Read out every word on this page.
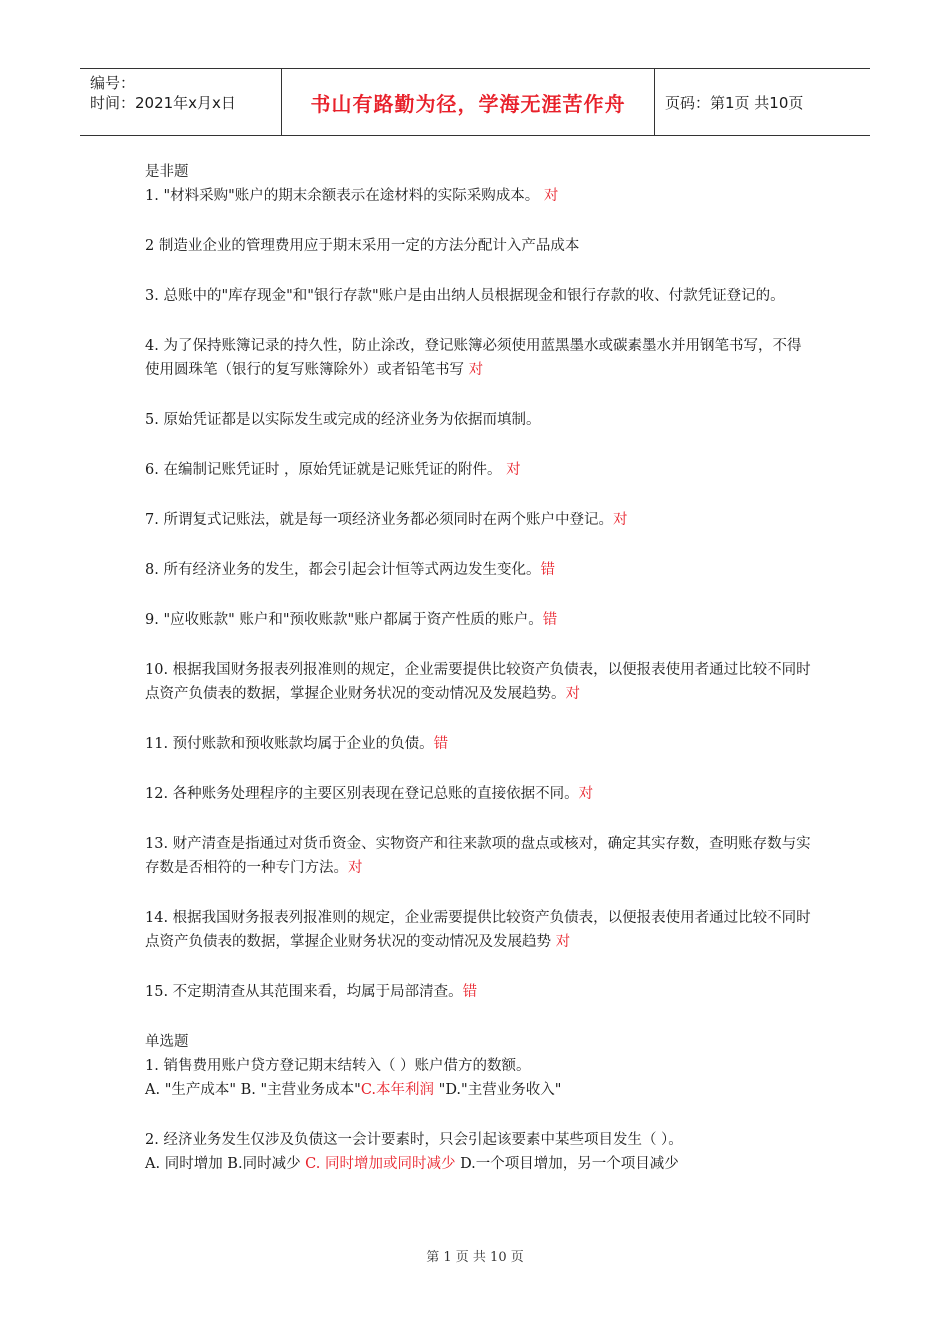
编号：
时间：2021年x月x日	书山有路勤为径，学海无涯苦作舟	页码：第1页 共10页

是非题

1. "材料采购"账户的期末余额表示在途材料的实际采购成本。 对

2 制造业企业的管理费用应于期末采用一定的方法分配计入产品成本

3. 总账中的"库存现金"和"银行存款"账户是由出纳人员根据现金和银行存款的收、付款凭证登记的。

4. 为了保持账簿记录的持久性，防止涂改，登记账簿必须使用蓝黑墨水或碳素墨水并用钢笔书写，不得使用圆珠笔（银行的复写账簿除外）或者铅笔书写 对

5. 原始凭证都是以实际发生或完成的经济业务为依据而填制。

6. 在编制记账凭证时 ，原始凭证就是记账凭证的附件。 对

7. 所谓复式记账法，就是每一项经济业务都必须同时在两个账户中登记。对

8. 所有经济业务的发生，都会引起会计恒等式两边发生变化。错

9. "应收账款" 账户和"预收账款"账户都属于资产性质的账户。错

10. 根据我国财务报表列报准则的规定，企业需要提供比较资产负债表，以便报表使用者通过比较不同时点资产负债表的数据，掌握企业财务状况的变动情况及发展趋势。对

11. 预付账款和预收账款均属于企业的负债。错

12. 各种账务处理程序的主要区别表现在登记总账的直接依据不同。对

13. 财产清查是指通过对货币资金、实物资产和往来款项的盘点或核对，确定其实存数，查明账存数与实存数是否相符的一种专门方法。对

14. 根据我国财务报表列报准则的规定，企业需要提供比较资产负债表，以便报表使用者通过比较不同时点资产负债表的数据，掌握企业财务状况的变动情况及发展趋势 对

15. 不定期清查从其范围来看，均属于局部清查。错

单选题

1. 销售费用账户贷方登记期末结转入（ ）账户借方的数额。

A. "生产成本" B. "主营业务成本"C.本年利润 "D."主营业务收入"

2. 经济业务发生仅涉及负债这一会计要素时，只会引起该要素中某些项目发生（ ）。

A. 同时增加 B.同时减少 C. 同时增加或同时减少 D.一个项目增加，另一个项目减少

第 1 页 共 10 页
